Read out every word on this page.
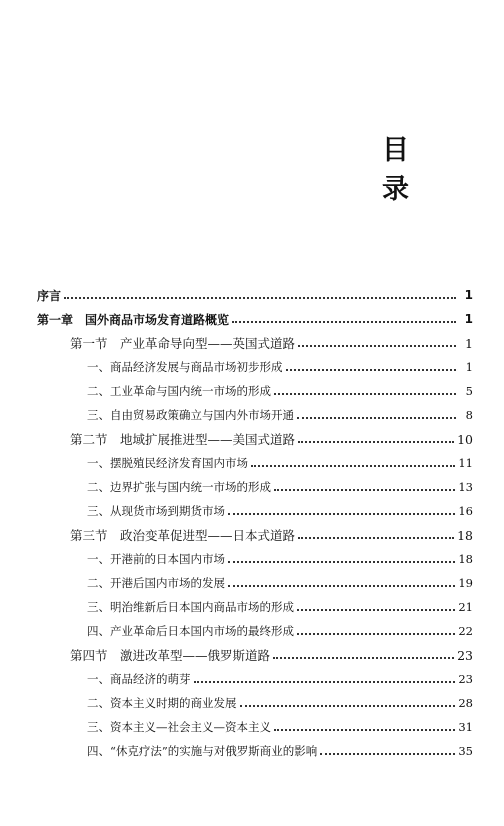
目　录
序言	1
第一章　国外商品市场发育道路概览	1
第一节　产业革命导向型——英国式道路	1
一、商品经济发展与商品市场初步形成	1
二、工业革命与国内统一市场的形成	5
三、自由贸易政策确立与国内外市场开通	8
第二节　地域扩展推进型——美国式道路	10
一、摆脱殖民经济发育国内市场	11
二、边界扩张与国内统一市场的形成	13
三、从现货市场到期货市场	16
第三节　政治变革促进型——日本式道路	18
一、开港前的日本国内市场	18
二、开港后国内市场的发展	19
三、明治维新后日本国内商品市场的形成	21
四、产业革命后日本国内市场的最终形成	22
第四节　激进改革型——俄罗斯道路	23
一、商品经济的萌芽	23
二、资本主义时期的商业发展	28
三、资本主义—社会主义—资本主义	31
四、“休克疗法”的实施与对俄罗斯商业的影响	35
